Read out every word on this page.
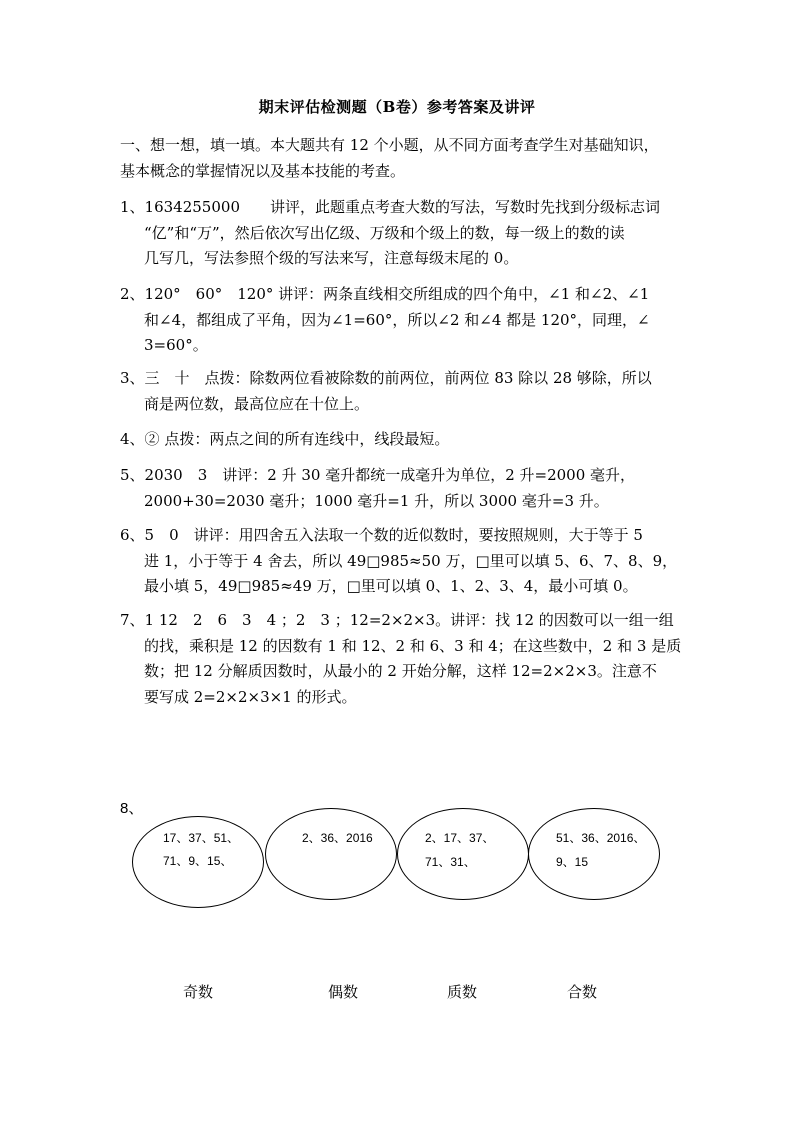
期末评估检测题（B卷）参考答案及讲评
一、想一想，填一填。本大题共有 12 个小题，从不同方面考查学生对基础知识，
基本概念的掌握情况以及基本技能的考查。
1、1634255000　　讲评，此题重点考查大数的写法，写数时先找到分级标志词
“亿”和“万”，然后依次写出亿级、万级和个级上的数，每一级上的数的读
几写几，写法参照个级的写法来写，注意每级末尾的 0。
2、120°　60°　120° 讲评：两条直线相交所组成的四个角中，∠1 和∠2、∠1
和∠4，都组成了平角，因为∠1=60°，所以∠2 和∠4 都是 120°，同理，∠
3=60°。
3、三　十　点拨：除数两位看被除数的前两位，前两位 83 除以 28 够除，所以
商是两位数，最高位应在十位上。
4、② 点拨：两点之间的所有连线中，线段最短。
5、2030　3　讲评：2 升 30 毫升都统一成毫升为单位，2 升=2000 毫升，
2000+30=2030 毫升；1000 毫升=1 升，所以 3000 毫升=3 升。
6、5　0　讲评：用四舍五入法取一个数的近似数时，要按照规则，大于等于 5
进 1，小于等于 4 舍去，所以 49□985≈50 万，□里可以填 5、6、7、8、9，
最小填 5，49□985≈49 万，□里可以填 0、1、2、3、4，最小可填 0。
7、1 12　2　6　3　4 ；2　3 ；12=2×2×3。讲评：找 12 的因数可以一组一组
的找，乘积是 12 的因数有 1 和 12、2 和 6、3 和 4；在这些数中，2 和 3 是质
数；把 12 分解质因数时，从最小的 2 开始分解，这样 12=2×2×3。注意不
要写成 2=2×2×3×1 的形式。
8、
17、37、51、
71、9、15、
2、36、2016	2、17、37、
71、31、
51、36、2016、
9、15
奇数	偶数	质数	合数
